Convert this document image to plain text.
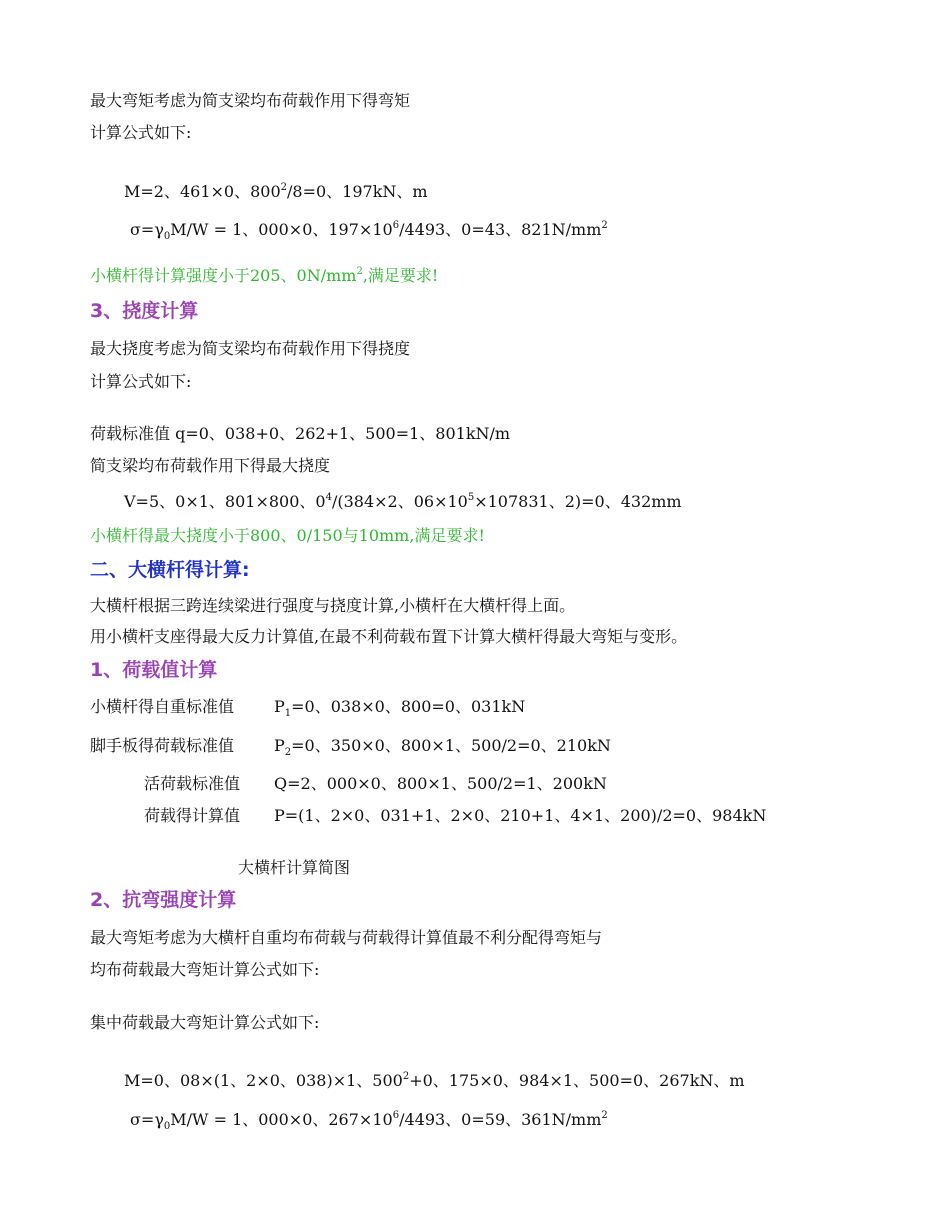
最大弯矩考虑为简支梁均布荷载作用下得弯矩
计算公式如下:
M=2、461×0、$800^2/8=0$、197kN、m
$\sigma=\gamma_0M/W = 1$、000×0、$197\times 10^6/4493$、0=43、$821N/mm^2$
小横杆得计算强度小于205、$0N/mm^2$,满足要求!
3、挠度计算
最大挠度考虑为简支梁均布荷载作用下得挠度
计算公式如下:
荷载标准值 q=0、038+0、262+1、500=1、801kN/m
简支梁均布荷载作用下得最大挠度
V=5、0×1、801×800、$0^4/(384\times 2$、$06\times 10^5\times 107831$、2)=0、432mm
小横杆得最大挠度小于800、0/150与10mm,满足要求!
二、大横杆得计算:
大横杆根据三跨连续梁进行强度与挠度计算,小横杆在大横杆得上面。
用小横杆支座得最大反力计算值,在最不利荷载布置下计算大横杆得最大弯矩与变形。
1、荷载值计算
小横杆得自重标准值 $P_1=0$、038×0、800=0、031kN
脚手板得荷载标准值 $P_2=0$、350×0、800×1、500/2=0、210kN
活荷载标准值 Q=2、000×0、800×1、500/2=1、200kN
荷载得计算值 P=(1、2×0、031+1、2×0、210+1、4×1、200)/2=0、984kN
大横杆计算简图
2、抗弯强度计算
最大弯矩考虑为大横杆自重均布荷载与荷载得计算值最不利分配得弯矩与
均布荷载最大弯矩计算公式如下:
集中荷载最大弯矩计算公式如下:
M=0、08×(1、2×0、038)×1、$500^2+0$、175×0、984×1、500=0、267kN、m
$\sigma=\gamma_0M/W = 1$、000×0、$267\times 10^6/4493$、0=59、$361N/mm^2$
